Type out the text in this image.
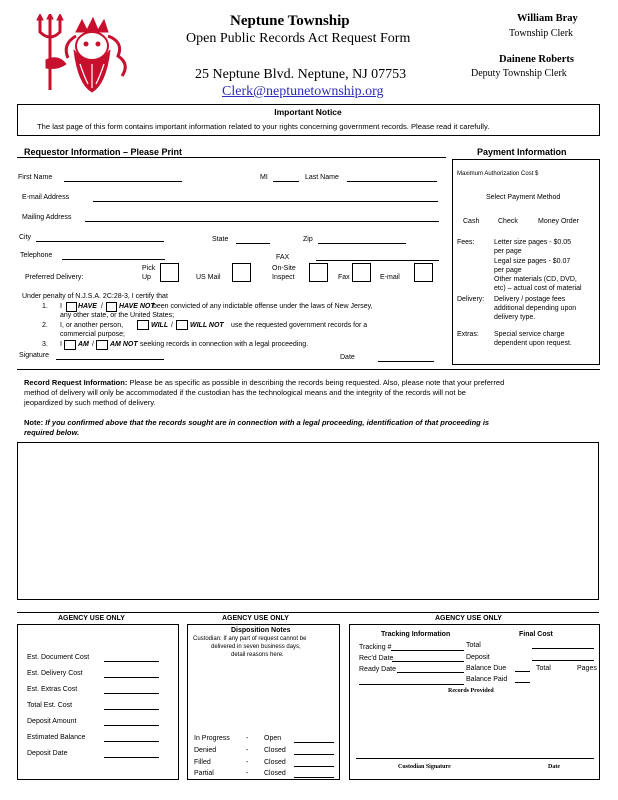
Neptune Township
Open Public Records Act Request Form
25 Neptune Blvd. Neptune, NJ 07753
Clerk@neptunetownship.org
William Bray
Township Clerk
Dainene Roberts
Deputy Township Clerk
Important Notice
The last page of this form contains important information related to your rights concerning government records. Please read it carefully.
Requestor Information – Please Print
First Name	MI	Last Name
E-mail Address
Mailing Address
City	State	Zip
Telephone	FAX
Preferred Delivery:
Pick
Up	US Mail
On-Site
Inspect	Fax	E-mail
Under penalty of N.J.S.A. 2C:28-3, I certify that
1. I HAVE / HAVE NOT
been convicted of any indictable offense under the laws of New Jersey,
any other state, or the United States;
2. I, or another person,	WILL / WILL NOT use the requested government records for a
commercial purpose;
3. I AM / AM NOT seeking records in connection with a legal proceeding.
Signature	Date
Payment Information
Maximum Authorization Cost $
Select Payment Method
Cash	Check	Money Order
Fees:	Letter size pages - $0.05
per page
Legal size pages - $0.07
per page
Other materials (CD, DVD,
etc) – actual cost of material
Delivery: Delivery / postage fees
additional depending upon
delivery type.
Extras: Special service charge
dependent upon request.
Record Request Information: Please be as specific as possible in describing the records being requested. Also, please note that your preferred
method of delivery will only be accommodated if the custodian has the technological means and the integrity of the records will not be
jeopardized by such method of delivery.
Note: If you confirmed above that the records sought are in connection with a legal proceeding, identification of that proceeding is
required below.
AGENCY USE ONLY	AGENCY USE ONLY	AGENCY USE ONLY
Est. Document Cost
Est. Delivery Cost
Est. Extras Cost
Total Est. Cost
Deposit Amount
Estimated Balance
Deposit Date
Disposition Notes
Custodian: If any part of request cannot be
delivered in seven business days,
detail reasons here.
In Progress - Open
Denied	- Closed
Filled	- Closed
Partial	- Closed
Tracking Information	Final Cost
Tracking #
Rec'd Date
Ready Date
Total
Deposit
Balance Due	Total	Pages
Balance Paid
Records Provided
Custodian Signature	Date
